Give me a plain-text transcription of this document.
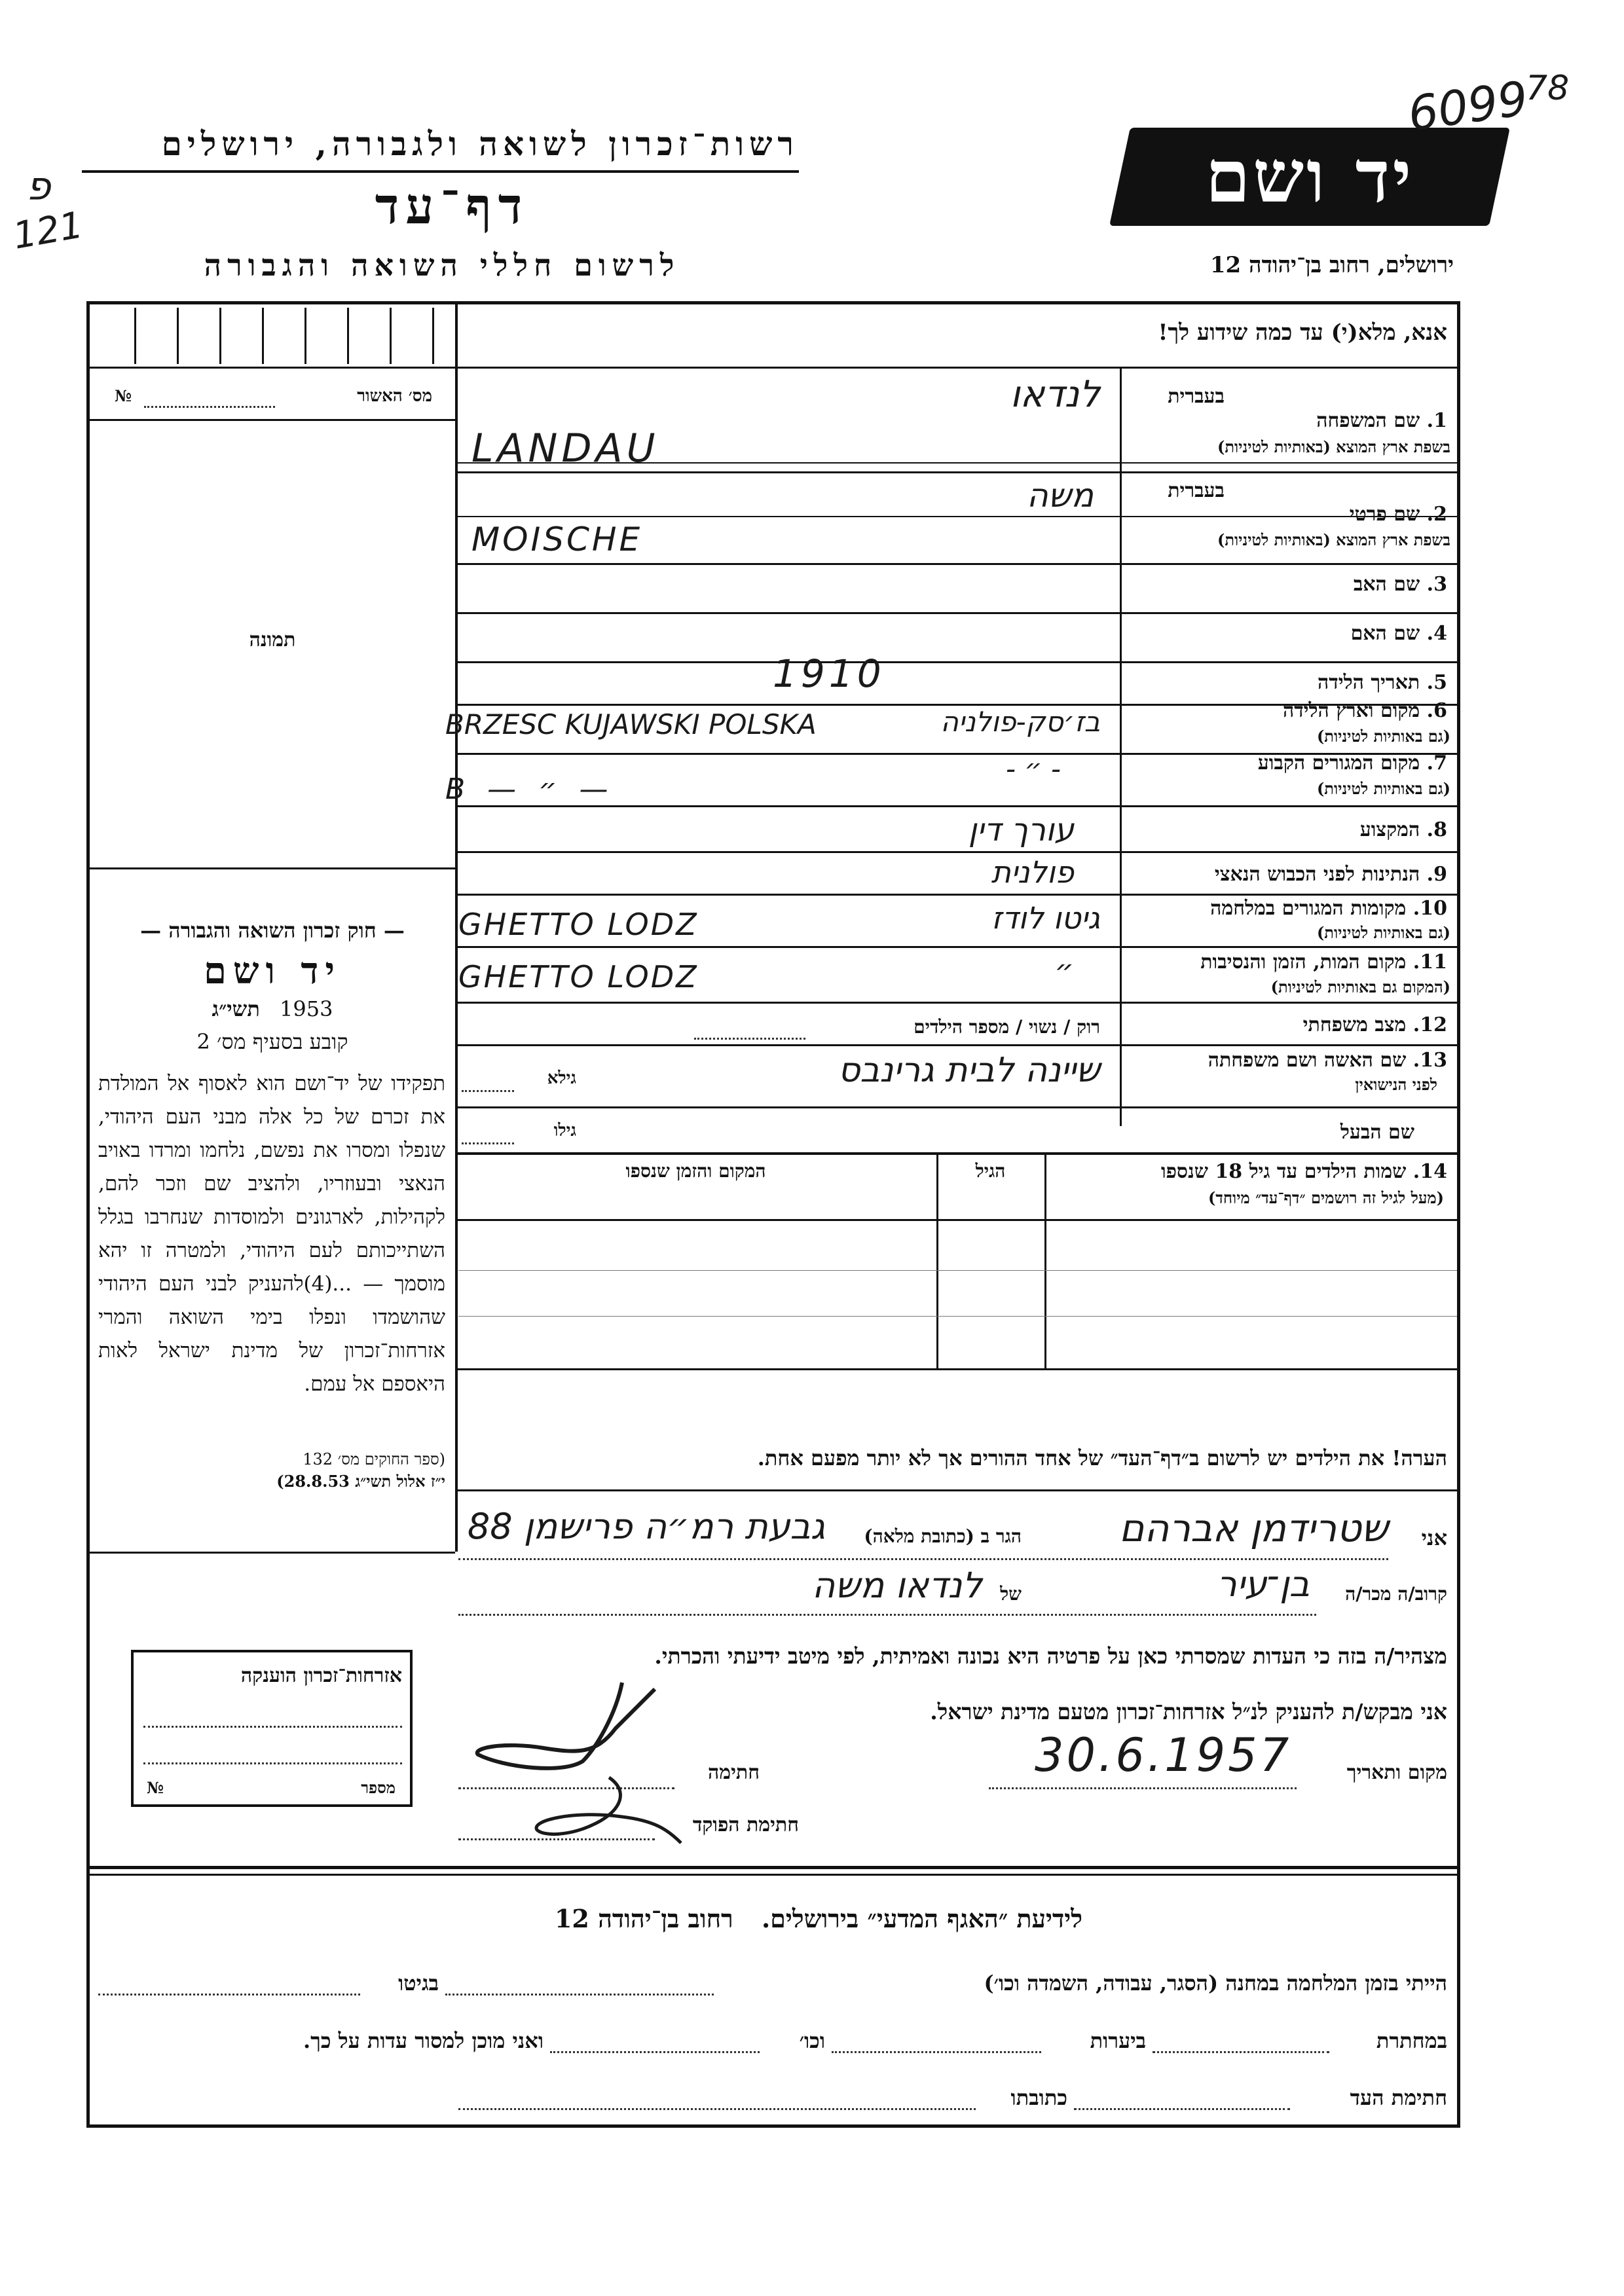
רשות־זכרון לשואה ולגבורה, ירושלים
דף־עד
לרשום חללי השואה והגבורה
יד ושם
ירושלים, רחוב בן־יהודה 12
6099
78
פ
121
אנא, מלא(י) עד כמה שידוע לך!
מס׳ האשור
№
תמונה
— חוק זכרון השואה והגבורה —
יד ושם
תשי״ג 1953
קובע בסעיף מס׳ 2
תפקידו של יד־ושם הוא לאסוף אל המולדת את זכרם של כל אלה מבני העם היהודי, שנפלו ומסרו את נפשם, נלחמו ומרדו באויב הנאצי ובעוזריו, ולהציב שם וזכר להם, לקהילות, לארגונים ולמוסדות שנחרבו בגלל השתייכותם לעם היהודי, ולמטרה זו יהא מוסמך — ...(4)להעניק לבני העם היהודי שהושמדו ונפלו בימי השואה והמרי אזרחות־זכרון של מדינת ישראל לאות היאספם אל עמם.
(ספר החוקים מס׳ 132
י״ז אלול תשי״ג 28.8.53)
אזרחות־זכרון הוענקה
מספר
№
בעברית
1. שם המשפחה
בשפת ארץ המוצא (באותיות לטיניות)
לנדאו
LANDAU
בעברית
2. שם פרטי
בשפת ארץ המוצא (באותיות לטיניות)
משה
MOISCHE
3. שם האב
4. שם האם
5. תאריך הלידה
1910
6. מקום וארץ הלידה
(גם באותיות לטיניות)
בז׳סק-פולניה
BRZESC KUJAWSKI POLSKA
7. מקום המגורים הקבוע
(גם באותיות לטיניות)
- ״ -
B — ״ —
8. המקצוע
עורך דין
9. הנתינות לפני הכבוש הנאצי
פולנית
10. מקומות המגורים במלחמה
(גם באותיות לטיניות)
גיטו לודז
GHETTO LODZ
11. מקום המות, הזמן והנסיבות
(המקום גם באותיות לטיניות)
״
GHETTO LODZ
12. מצב משפחתי
רוק / נשוי / מספר הילדים
13. שם האשה ושם משפחתה
לפני הנישואין
שיינה לבית גרינבס
גילא
שם הבעל
גילו
14. שמות הילדים עד גיל 18 שנספו
(מעל לגיל זה רושמים ״דף־עד״ מיוחד)
הגיל
המקום והזמן שנספו
הערה! את הילדים יש לרשום ב״דף־העד״ של אחד ההורים אך לא יותר מפעם אחת.
אני
שטרידמן אברהם
הגר ב (כתובת מלאה)
גבעת רמ״ה פרישמן 88
קרוב/ה מכר/ה
בן־עיר
של
לנדאו משה
מצהיר/ה בזה כי העדות שמסרתי כאן על פרטיה היא נכונה ואמיתית, לפי מיטב ידיעתי והכרתי.
אני מבקש/ת להעניק לנ״ל אזרחות־זכרון מטעם מדינת ישראל.
מקום ותאריך
30.6.1957
חתימה
חתימת הפוקד
לידיעת ״האגף המדעי״ בירושלים. רחוב בן־יהודה 12
הייתי בזמן המלחמה במחנה (הסגר, עבודה, השמדה וכו׳)
בגיטו
במחתרת
ביערות
וכו׳
ואני מוכן למסור עדות על כך.
חתימת העד
כתובתו
